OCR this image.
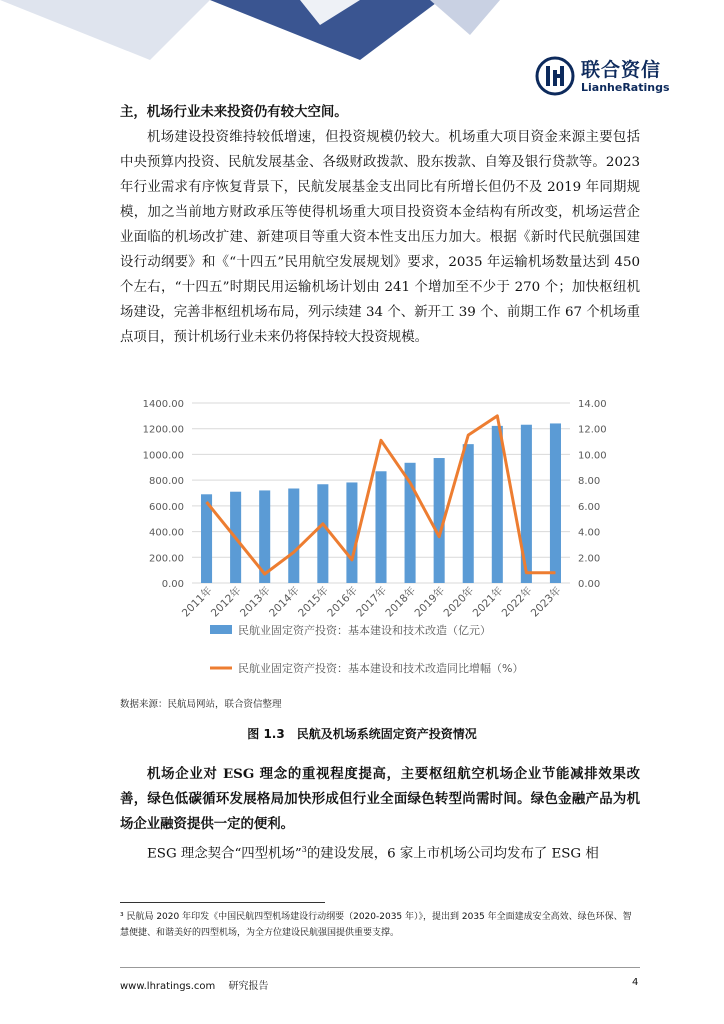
联合资信
LianheRatings

主，机场行业未来投资仍有较大空间。

机场建设投资维持较低增速，但投资规模仍较大。机场重大项目资金来源主要包括中央预算内投资、民航发展基金、各级财政拨款、股东拨款、自筹及银行贷款等。2023 年行业需求有序恢复背景下，民航发展基金支出同比有所增长但仍不及 2019 年同期规模，加之当前地方财政承压等使得机场重大项目投资资本金结构有所改变，机场运营企业面临的机场改扩建、新建项目等重大资本性支出压力加大。根据《新时代民航强国建设行动纲要》和《“十四五”民用航空发展规划》要求，2035 年运输机场数量达到 450 个左右，“十四五”时期民用运输机场计划由 241 个增加至不少于 270 个；加快枢纽机场建设，完善非枢纽机场布局，列示续建 34 个、新开工 39 个、前期工作 67 个机场重点项目，预计机场行业未来仍将保持较大投资规模。

0.00
200.00
400.00
600.00
800.00
1000.00
1200.00
1400.00
0.00
2.00
4.00
6.00
8.00
10.00
12.00
14.00
2011年
2012年
2013年
2014年
2015年
2016年
2017年
2018年
2019年
2020年
2021年
2022年
2023年
民航业固定资产投资：基本建设和技术改造（亿元）
民航业固定资产投资：基本建设和技术改造同比增幅（%）
数据来源：民航局网站，联合资信整理
图 1.3　民航及机场系统固定资产投资情况

机场企业对 ESG 理念的重视程度提高，主要枢纽航空机场企业节能减排效果改善，绿色低碳循环发展格局加快形成但行业全面绿色转型尚需时间。绿色金融产品为机场企业融资提供一定的便利。

ESG 理念契合“四型机场”$^3$的建设发展，6 家上市机场公司均发布了 ESG 相

³ 民航局 2020 年印发《中国民航四型机场建设行动纲要（2020-2035 年）》，提出到 2035 年全面建成安全高效、绿色环保、智慧便捷、和谐美好的四型机场，为全方位建设民航强国提供重要支撑。
www.lhratings.com　 研究报告	4
